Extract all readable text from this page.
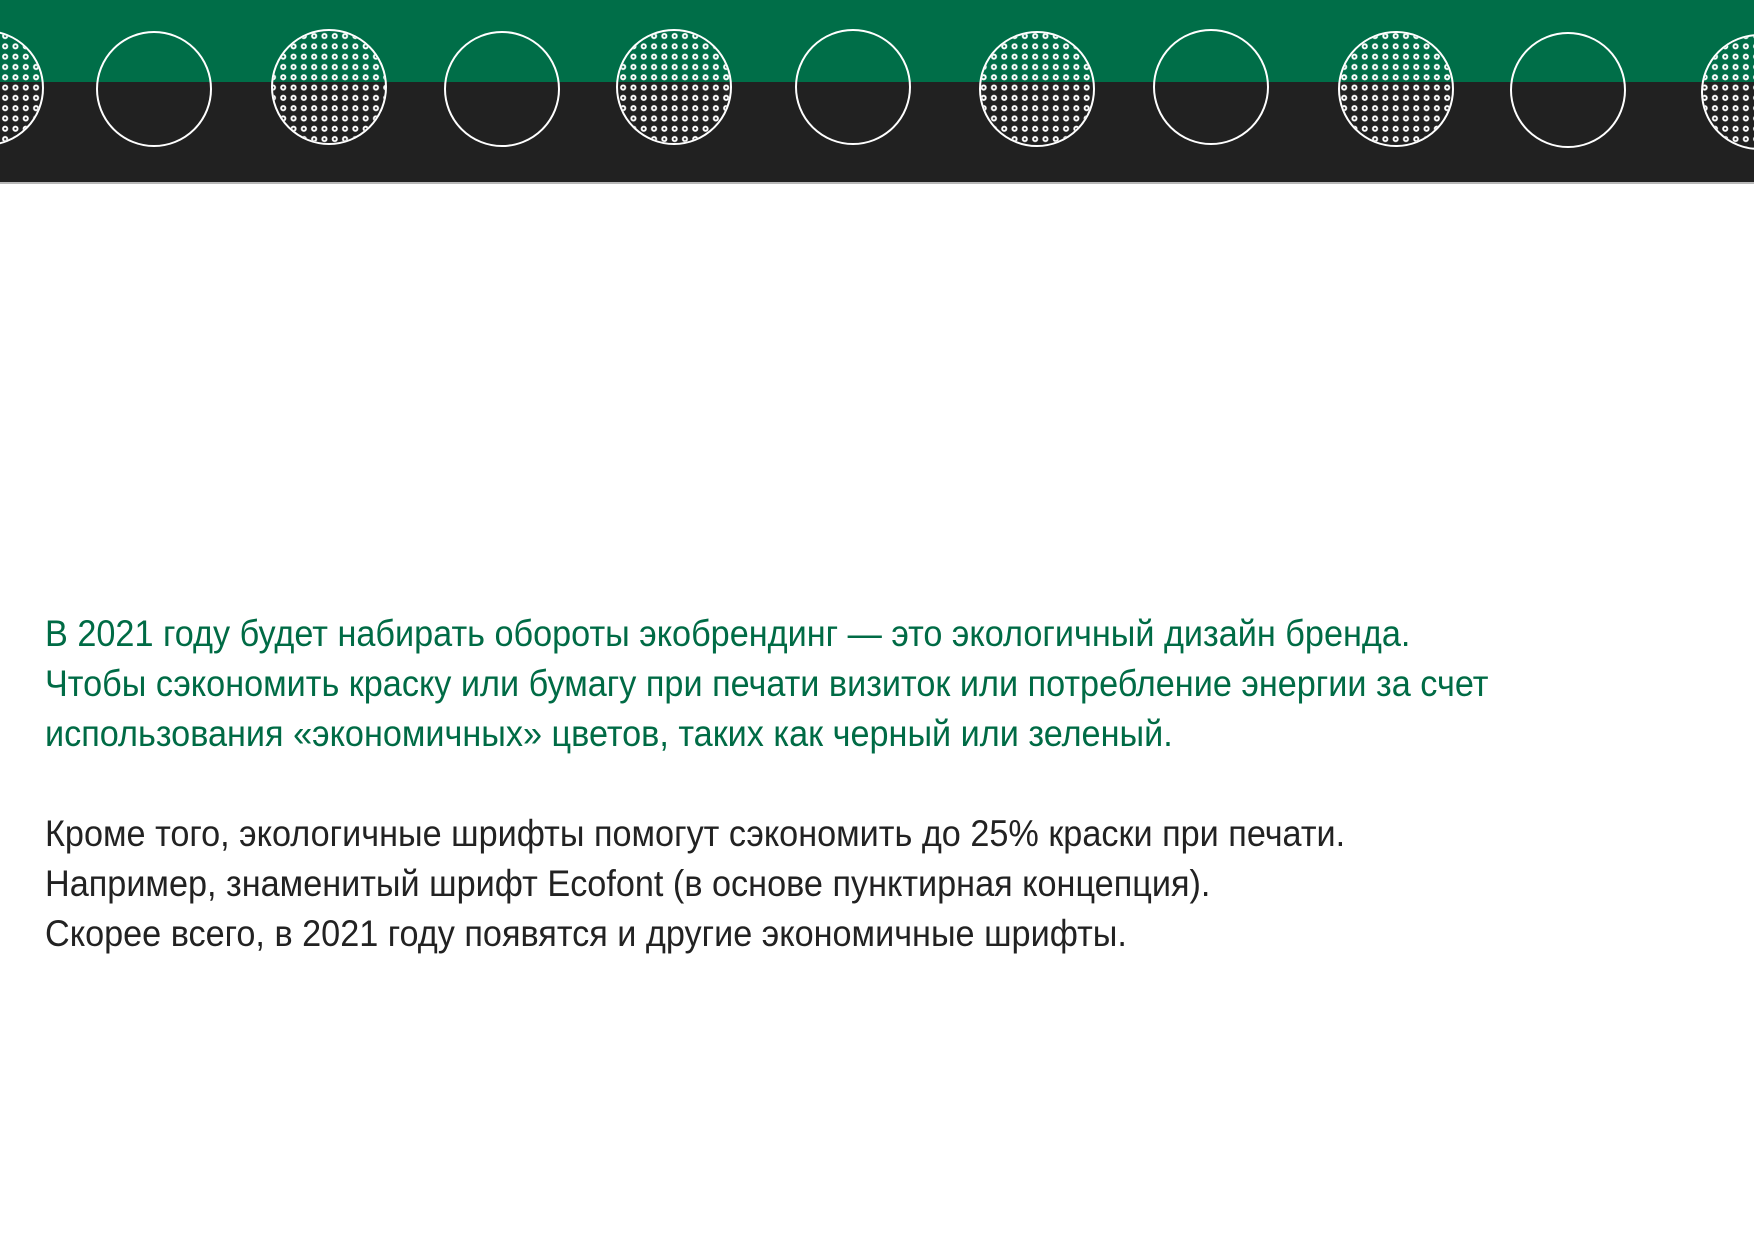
В 2021 году будет набирать обороты экобрендинг — это экологичный дизайн бренда.
Чтобы сэкономить краску или бумагу при печати визиток или потребление энергии за счет
использования «экономичных» цветов, таких как черный или зеленый.
Кроме того, экологичные шрифты помогут сэкономить до 25% краски при печати.
Например, знаменитый шрифт Ecofont (в основе пунктирная концепция).
Скорее всего, в 2021 году появятся и другие экономичные шрифты.
